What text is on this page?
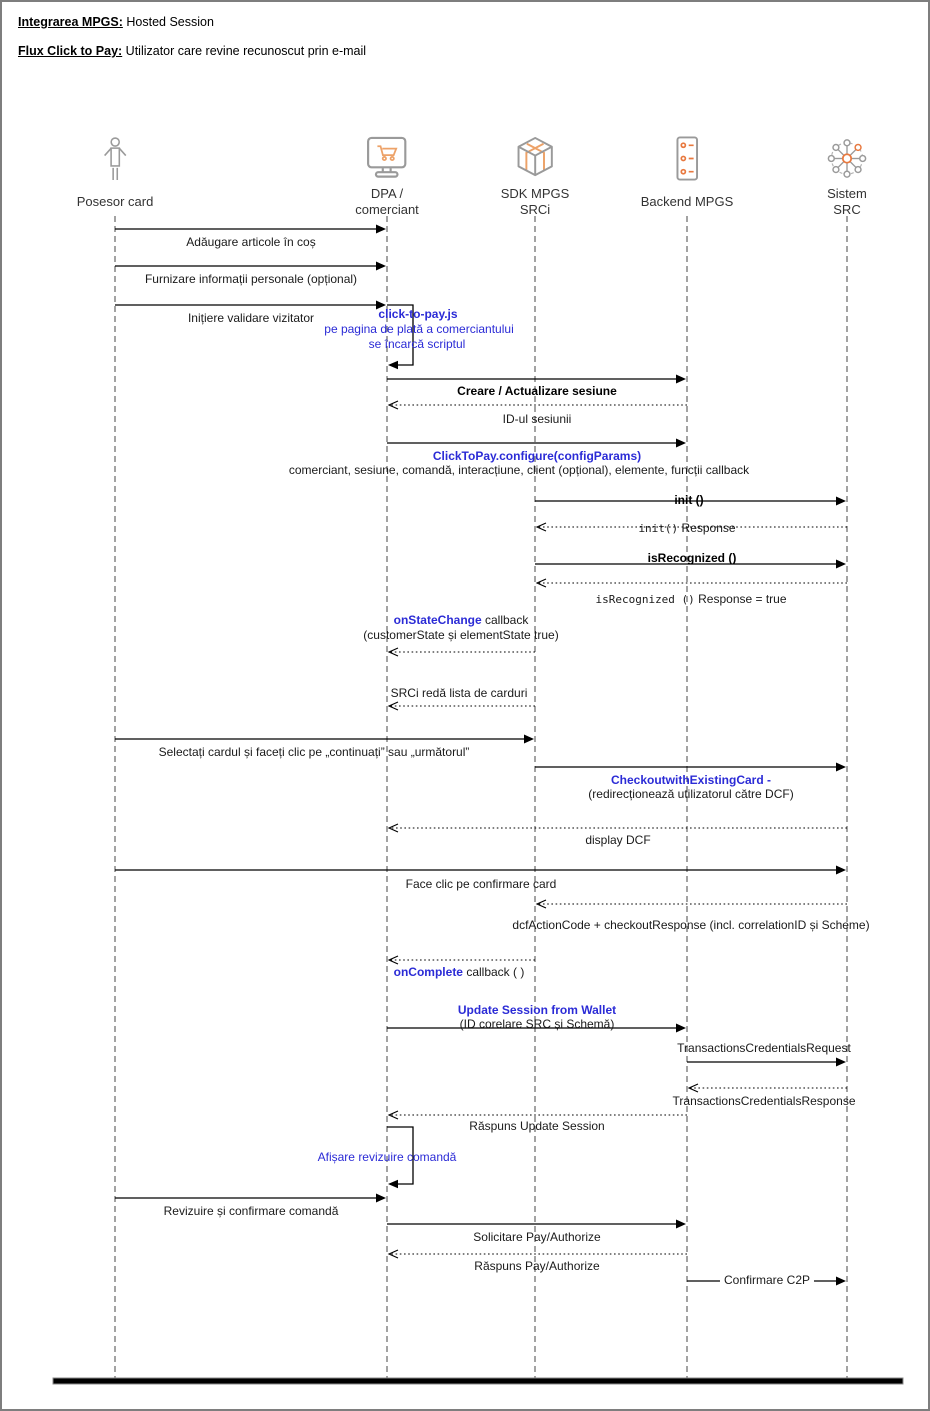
Integrarea MPGS: Hosted Session
Flux Click to Pay: Utilizator care revine recunoscut prin e-mail
Posesor card
DPA /
comerciant
SDK MPGS
SRCi
Backend MPGS
Sistem
SRC
Adăugare articole în coș
Furnizare informații personale (opțional)
Inițiere validare vizitator	click-to-pay.js
pe pagina de plată a comerciantului
se încarcă scriptul
Creare / Actualizare sesiune
ID-ul sesiunii
ClickToPay.configure(configParams)
comerciant, sesiune, comandă, interacțiune, client (opțional), elemente, funcții callback
init ()
init() Response
isRecognized ()
isRecognized () Response = true
onStateChange callback
(customerState și elementState true)
SRCi redă lista de carduri
Selectați cardul și faceți clic pe „continuați” sau „următorul”
CheckoutwithExistingCard -
(redirecționează utilizatorul către DCF)
display DCF
Face clic pe confirmare card
dcfActionCode + checkoutResponse (incl. correlationID și Scheme)
onComplete callback ( )
Update Session from Wallet
(ID corelare SRC și Schemă)
TransactionsCredentialsRequest
TransactionsCredentialsResponse
Răspuns Update Session
Afișare revizuire comandă
Revizuire și confirmare comandă
Solicitare Pay/Authorize
Răspuns Pay/Authorize
Confirmare C2P
